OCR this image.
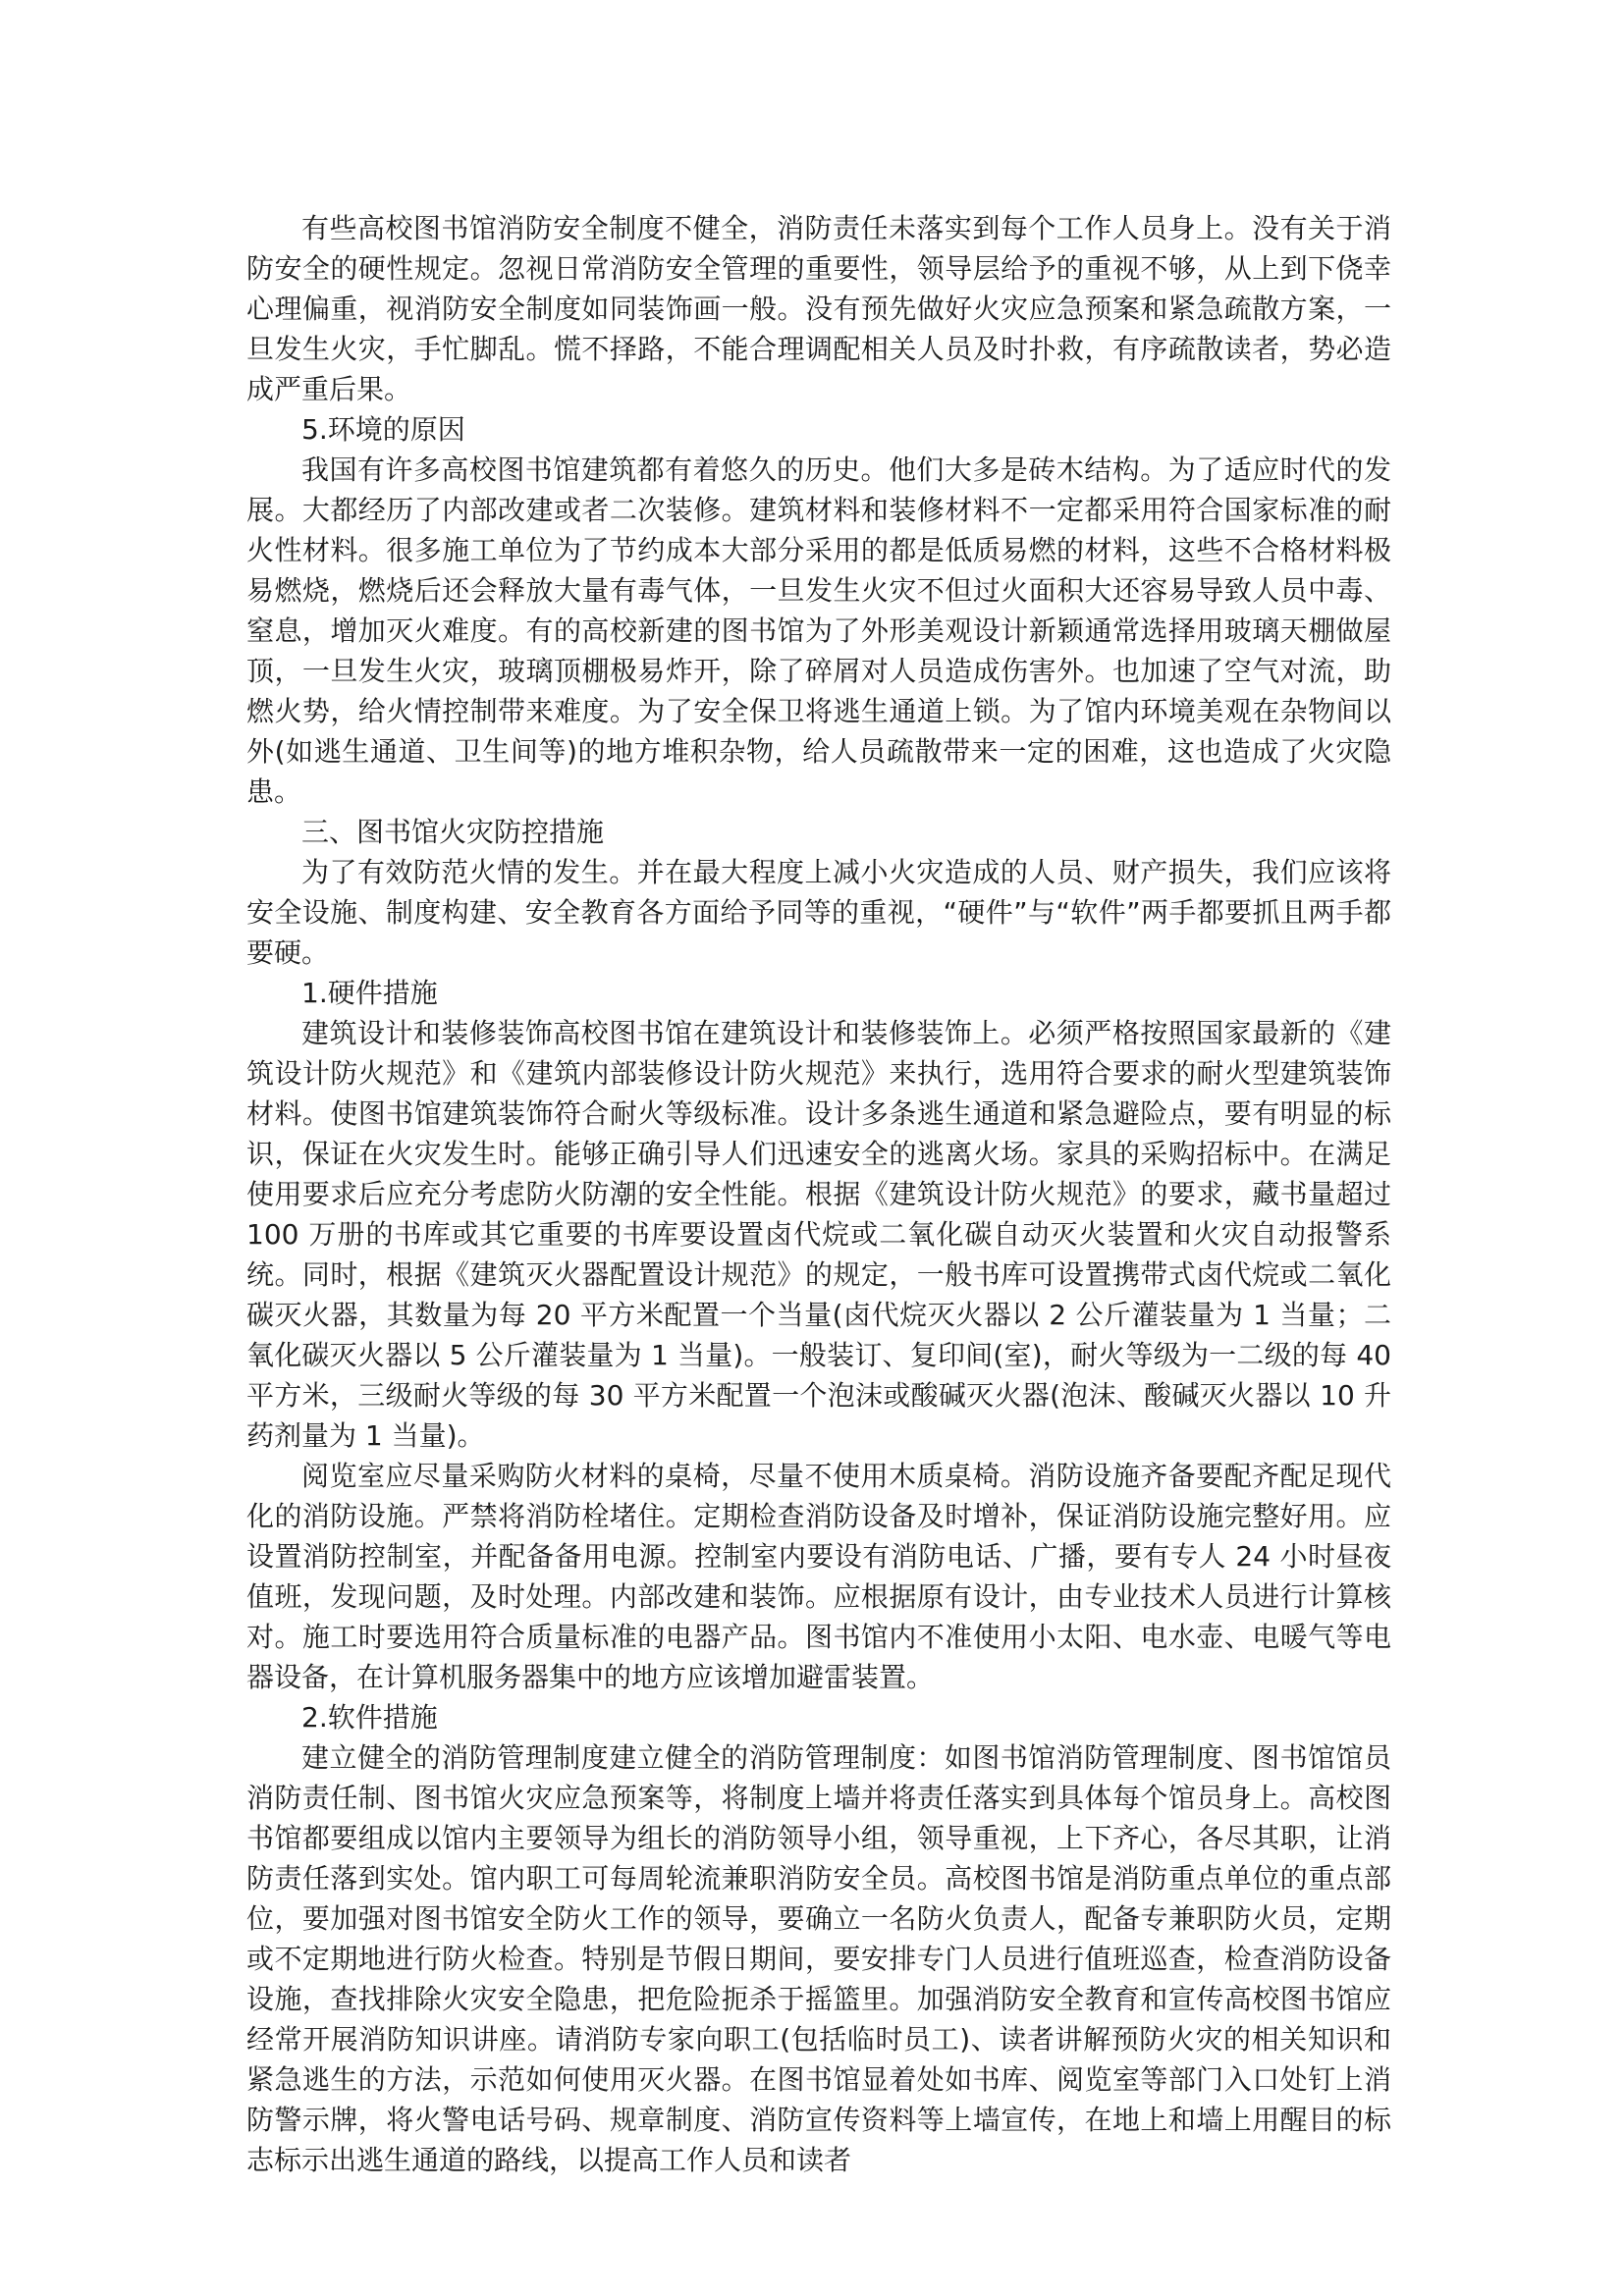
有些高校图书馆消防安全制度不健全，消防责任未落实到每个工作人员身上。没有关于消防安全的硬性规定。忽视日常消防安全管理的重要性，领导层给予的重视不够，从上到下侥幸心理偏重，视消防安全制度如同装饰画一般。没有预先做好火灾应急预案和紧急疏散方案，一旦发生火灾，手忙脚乱。慌不择路，不能合理调配相关人员及时扑救，有序疏散读者，势必造成严重后果。

5.环境的原因

我国有许多高校图书馆建筑都有着悠久的历史。他们大多是砖木结构。为了适应时代的发展。大都经历了内部改建或者二次装修。建筑材料和装修材料不一定都采用符合国家标准的耐火性材料。很多施工单位为了节约成本大部分采用的都是低质易燃的材料，这些不合格材料极易燃烧，燃烧后还会释放大量有毒气体，一旦发生火灾不但过火面积大还容易导致人员中毒、窒息，增加灭火难度。有的高校新建的图书馆为了外形美观设计新颖通常选择用玻璃天棚做屋顶，一旦发生火灾，玻璃顶棚极易炸开，除了碎屑对人员造成伤害外。也加速了空气对流，助燃火势，给火情控制带来难度。为了安全保卫将逃生通道上锁。为了馆内环境美观在杂物间以外(如逃生通道、卫生间等)的地方堆积杂物，给人员疏散带来一定的困难，这也造成了火灾隐患。

三、图书馆火灾防控措施

为了有效防范火情的发生。并在最大程度上减小火灾造成的人员、财产损失，我们应该将安全设施、制度构建、安全教育各方面给予同等的重视，“硬件”与“软件”两手都要抓且两手都要硬。

1.硬件措施

建筑设计和装修装饰高校图书馆在建筑设计和装修装饰上。必须严格按照国家最新的《建筑设计防火规范》和《建筑内部装修设计防火规范》来执行，选用符合要求的耐火型建筑装饰材料。使图书馆建筑装饰符合耐火等级标准。设计多条逃生通道和紧急避险点，要有明显的标识，保证在火灾发生时。能够正确引导人们迅速安全的逃离火场。家具的采购招标中。在满足使用要求后应充分考虑防火防潮的安全性能。根据《建筑设计防火规范》的要求，藏书量超过 100 万册的书库或其它重要的书库要设置卤代烷或二氧化碳自动灭火装置和火灾自动报警系统。同时，根据《建筑灭火器配置设计规范》的规定，一般书库可设置携带式卤代烷或二氧化碳灭火器，其数量为每 20 平方米配置一个当量(卤代烷灭火器以 2 公斤灌装量为 1 当量；二氧化碳灭火器以 5 公斤灌装量为 1 当量)。一般装订、复印间(室)，耐火等级为一二级的每 40 平方米，三级耐火等级的每 30 平方米配置一个泡沫或酸碱灭火器(泡沫、酸碱灭火器以 10 升药剂量为 1 当量)。

阅览室应尽量采购防火材料的桌椅，尽量不使用木质桌椅。消防设施齐备要配齐配足现代化的消防设施。严禁将消防栓堵住。定期检查消防设备及时增补，保证消防设施完整好用。应设置消防控制室，并配备备用电源。控制室内要设有消防电话、广播，要有专人 24 小时昼夜值班，发现问题，及时处理。内部改建和装饰。应根据原有设计，由专业技术人员进行计算核对。施工时要选用符合质量标准的电器产品。图书馆内不准使用小太阳、电水壶、电暖气等电器设备，在计算机服务器集中的地方应该增加避雷装置。

2.软件措施

建立健全的消防管理制度建立健全的消防管理制度：如图书馆消防管理制度、图书馆馆员消防责任制、图书馆火灾应急预案等，将制度上墙并将责任落实到具体每个馆员身上。高校图书馆都要组成以馆内主要领导为组长的消防领导小组，领导重视，上下齐心，各尽其职，让消防责任落到实处。馆内职工可每周轮流兼职消防安全员。高校图书馆是消防重点单位的重点部位，要加强对图书馆安全防火工作的领导，要确立一名防火负责人，配备专兼职防火员，定期或不定期地进行防火检查。特别是节假日期间，要安排专门人员进行值班巡查，检查消防设备设施，查找排除火灾安全隐患，把危险扼杀于摇篮里。加强消防安全教育和宣传高校图书馆应经常开展消防知识讲座。请消防专家向职工(包括临时员工)、读者讲解预防火灾的相关知识和紧急逃生的方法，示范如何使用灭火器。在图书馆显着处如书库、阅览室等部门入口处钉上消防警示牌，将火警电话号码、规章制度、消防宣传资料等上墙宣传，在地上和墙上用醒目的标志标示出逃生通道的路线，以提高工作人员和读者
